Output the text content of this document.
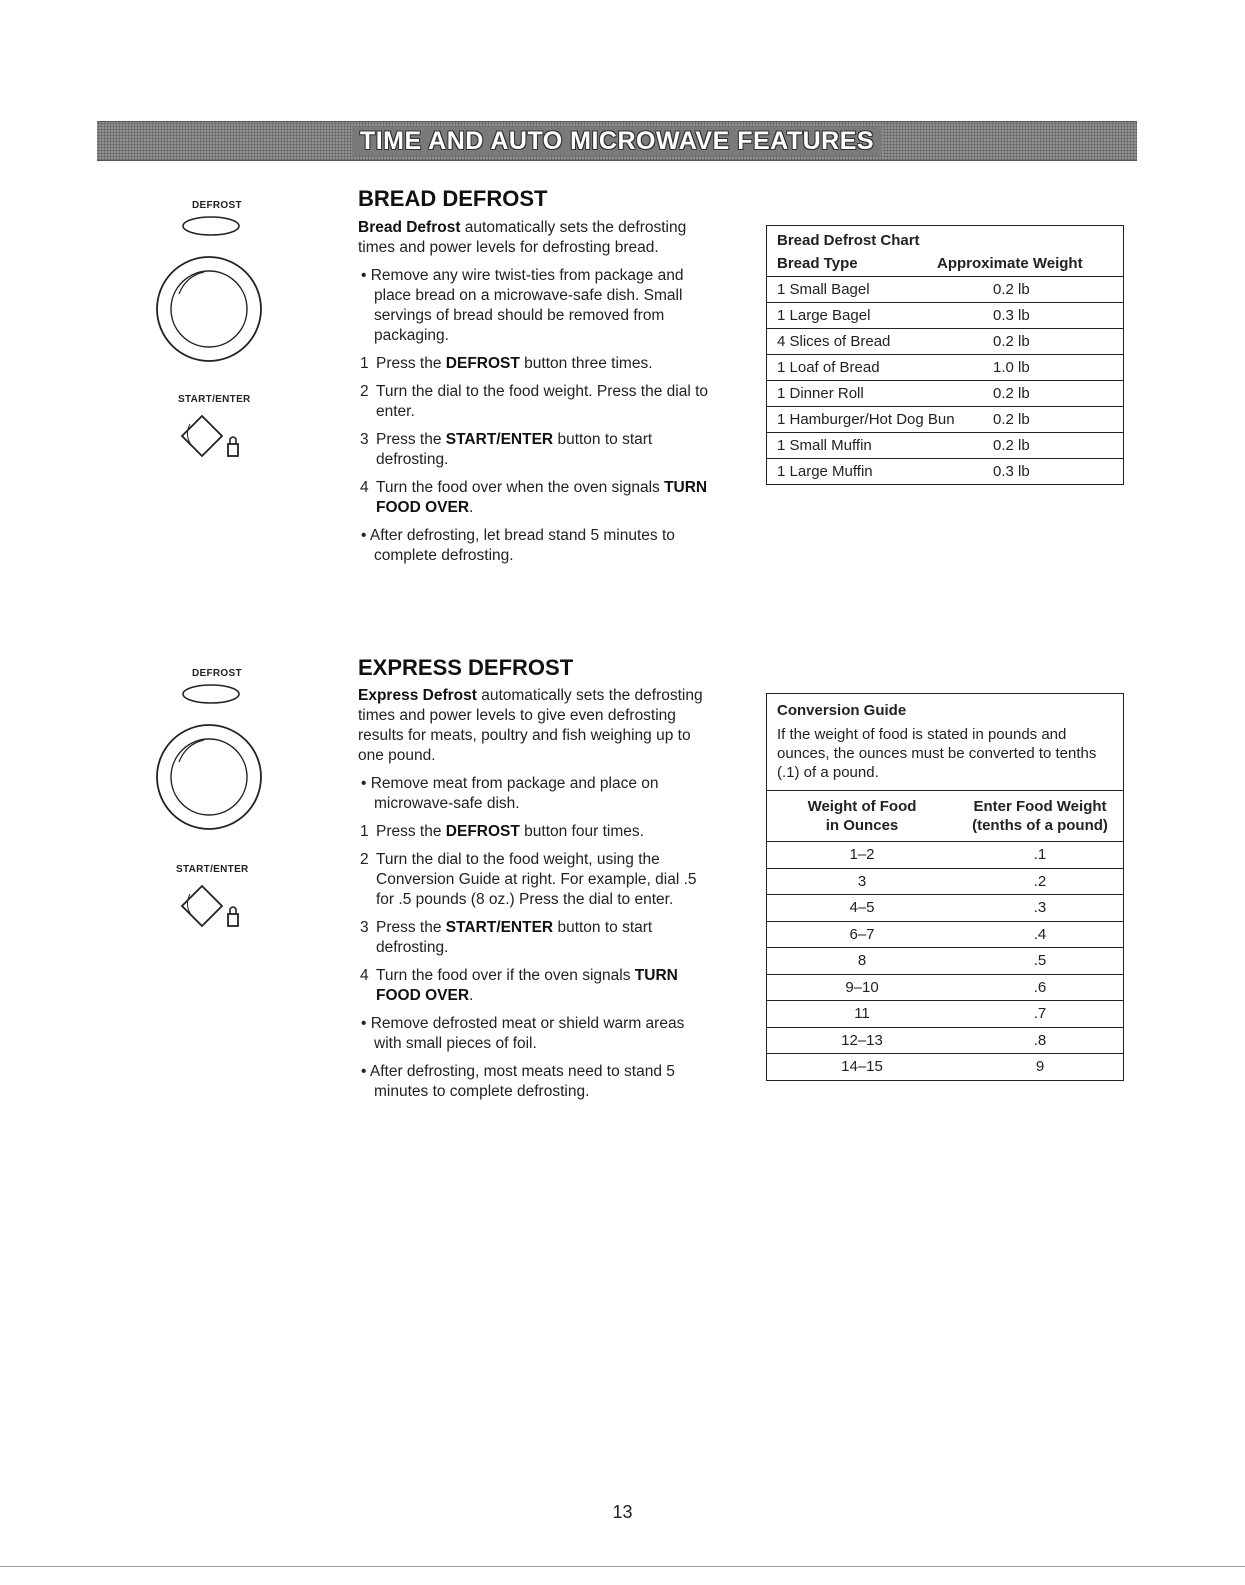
TIME AND AUTO MICROWAVE FEATURES
DEFROST
START/ENTER
BREAD DEFROST

Bread Defrost automatically sets the defrosting times and power levels for defrosting bread.

• Remove any wire twist-ties from package and place bread on a microwave-safe dish. Small servings of bread should be removed from packaging.
1 Press the DEFROST button three times.
2 Turn the dial to the food weight. Press the dial to enter.
3 Press the START/ENTER button to start defrosting.
4 Turn the food over when the oven signals TURN FOOD OVER.
• After defrosting, let bread stand 5 minutes to complete defrosting.
Bread Defrost Chart
Bread Type	Approximate Weight
1 Small Bagel	0.2 lb
1 Large Bagel	0.3 lb
4 Slices of Bread	0.2 lb
1 Loaf of Bread	1.0 lb
1 Dinner Roll	0.2 lb
1 Hamburger/Hot Dog Bun	0.2 lb
1 Small Muffin	0.2 lb
1 Large Muffin	0.3 lb
DEFROST
START/ENTER
EXPRESS DEFROST

Express Defrost automatically sets the defrosting times and power levels to give even defrosting results for meats, poultry and fish weighing up to one pound.

• Remove meat from package and place on microwave-safe dish.
1 Press the DEFROST button four times.
2 Turn the dial to the food weight, using the Conversion Guide at right. For example, dial .5 for .5 pounds (8 oz.) Press the dial to enter.
3 Press the START/ENTER button to start defrosting.
4 Turn the food over if the oven signals TURN FOOD OVER.
• Remove defrosted meat or shield warm areas with small pieces of foil.
• After defrosting, most meats need to stand 5 minutes to complete defrosting.
Conversion Guide
If the weight of food is stated in pounds and ounces, the ounces must be converted to tenths (.1) of a pound.
Weight of Food
in Ounces
Enter Food Weight
(tenths of a pound)
1–2	.1
3	.2
4–5	.3
6–7	.4
8	.5
9–10	.6
11	.7
12–13	.8
14–15	9
13
